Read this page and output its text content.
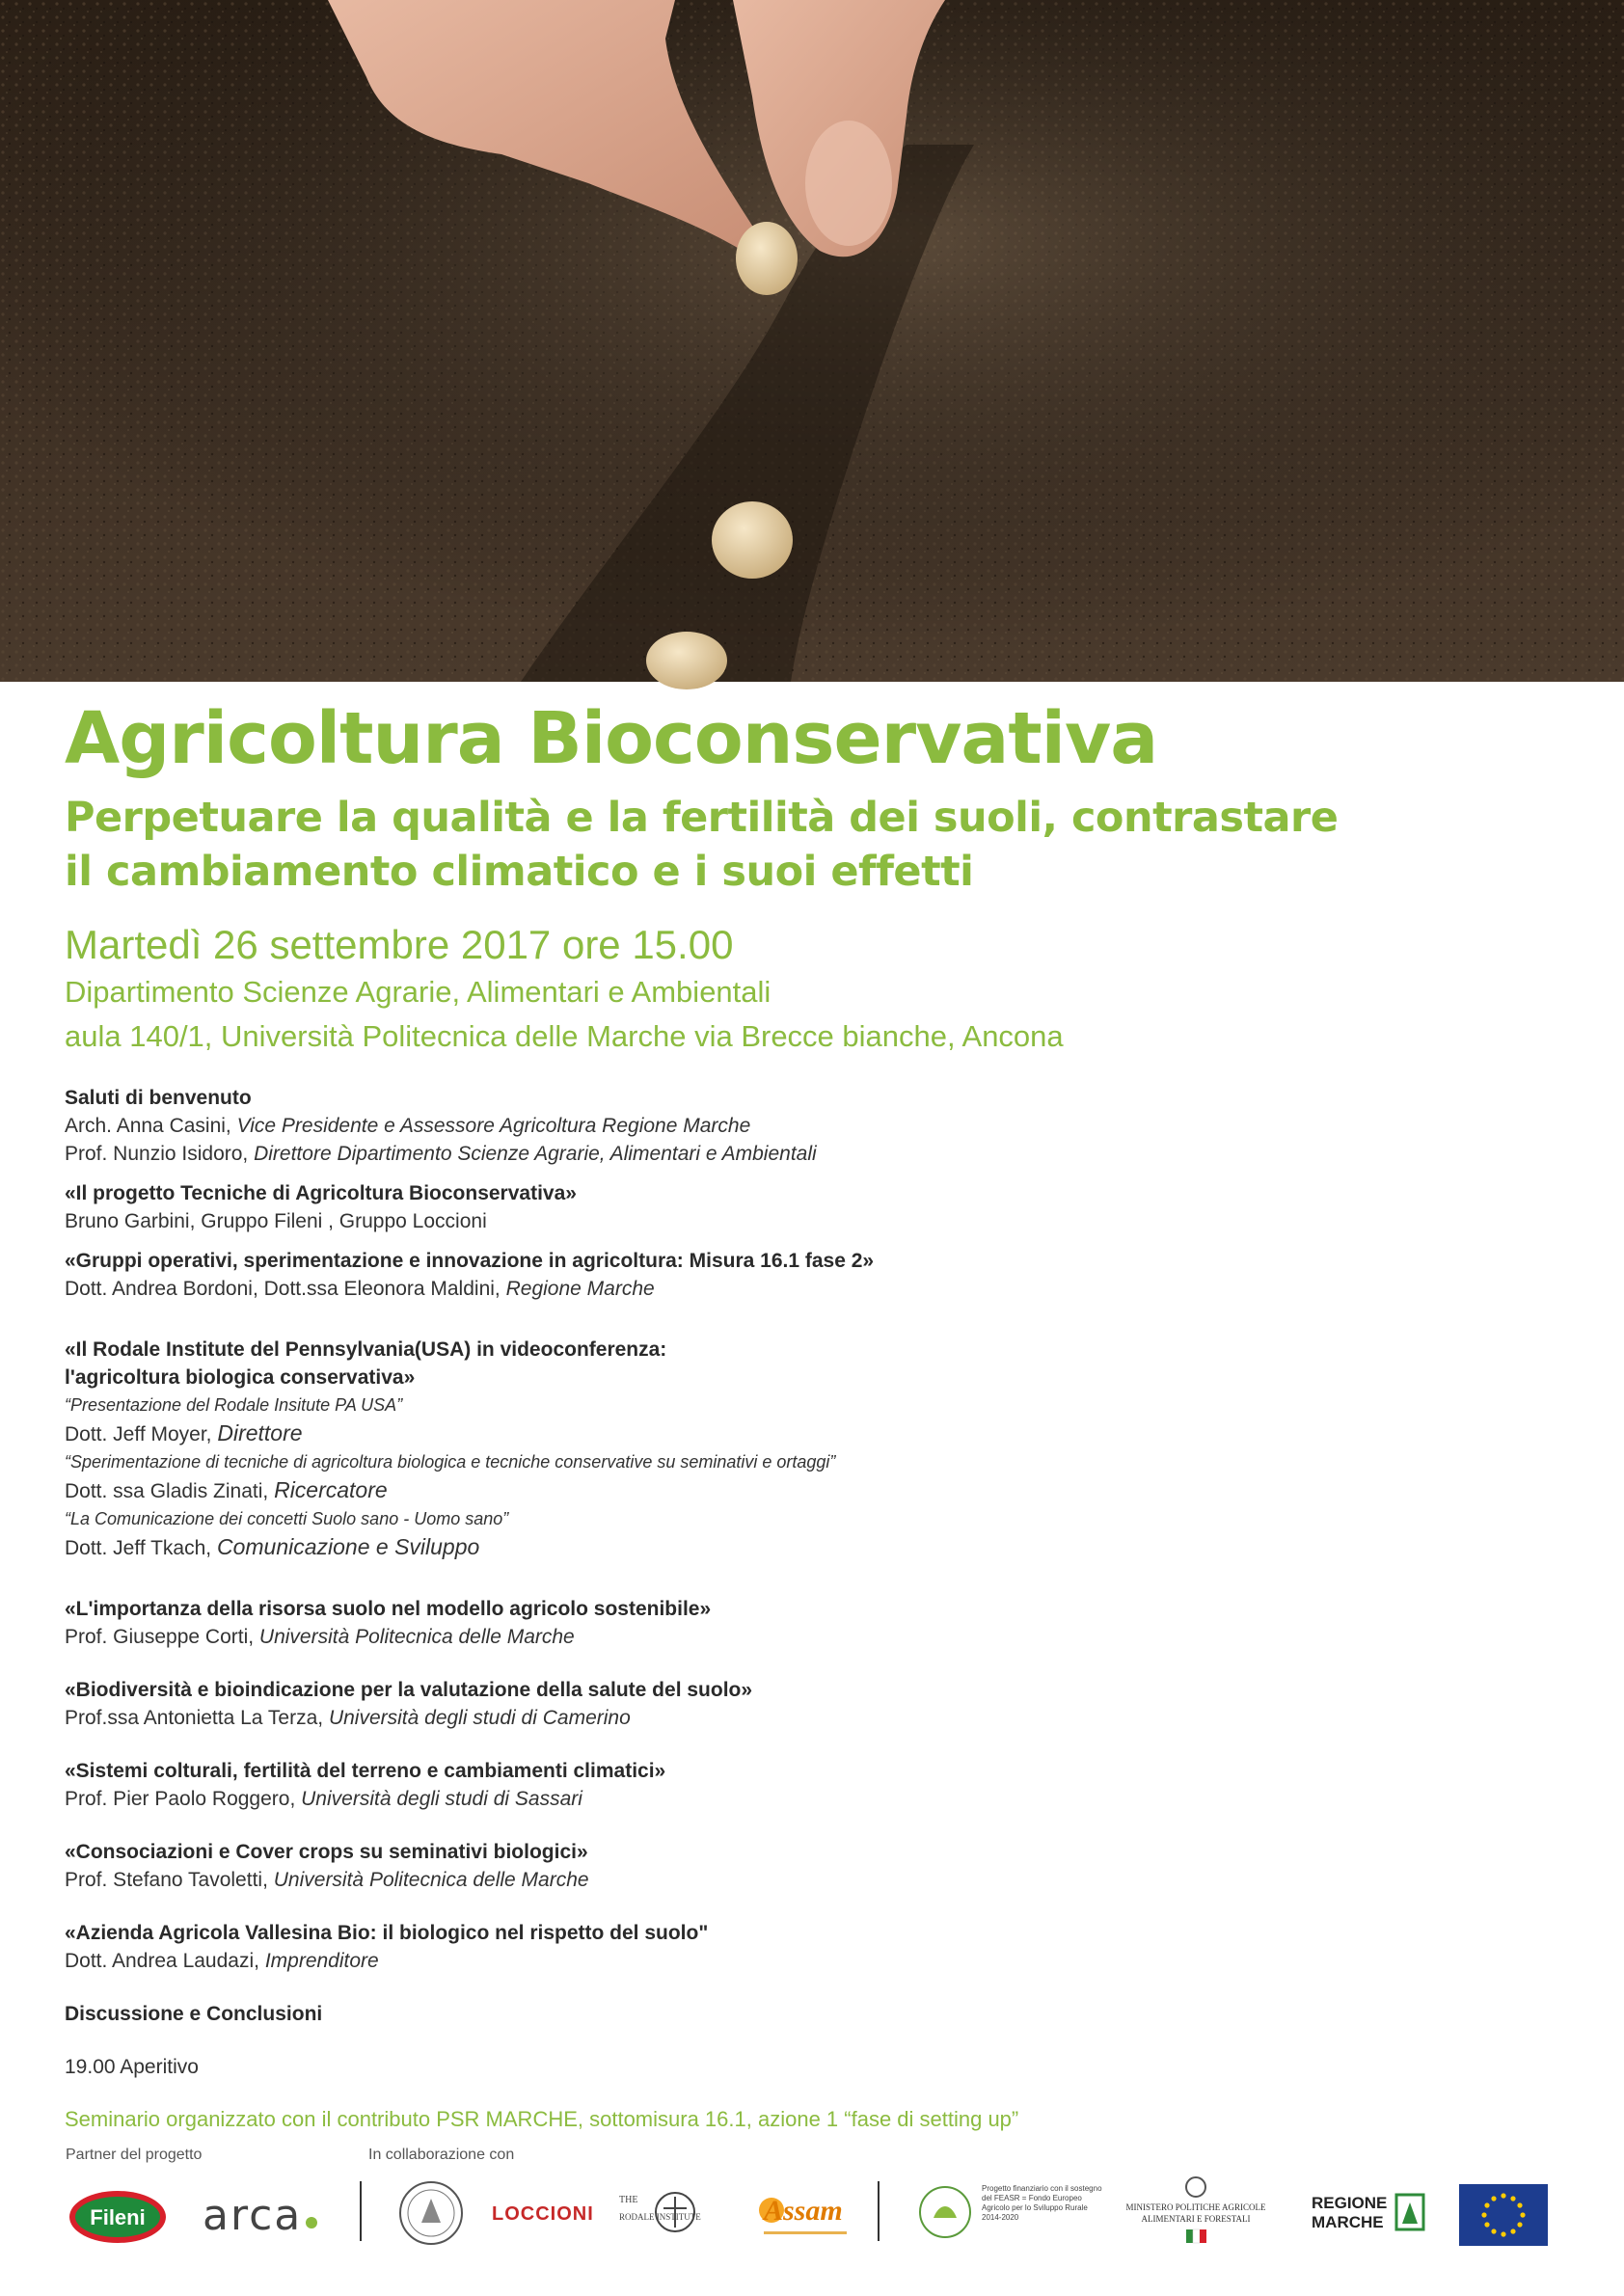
Agricoltura Bioconservativa
Perpetuare la qualità e la fertilità dei suoli, contrastare
il cambiamento climatico e i suoi effetti
Martedì 26 settembre 2017 ore 15.00
Dipartimento Scienze Agrarie, Alimentari e Ambientali
aula 140/1, Università Politecnica delle Marche via Brecce bianche, Ancona
Saluti di benvenuto
Arch. Anna Casini, Vice Presidente e Assessore Agricoltura Regione Marche
Prof. Nunzio Isidoro, Direttore Dipartimento Scienze Agrarie, Alimentari e Ambientali
«Il progetto Tecniche di Agricoltura Bioconservativa»
Bruno Garbini, Gruppo Fileni , Gruppo Loccioni
«Gruppi operativi, sperimentazione e innovazione in agricoltura: Misura 16.1 fase 2»
Dott. Andrea Bordoni, Dott.ssa Eleonora Maldini, Regione Marche
«Il Rodale Institute del Pennsylvania(USA) in videoconferenza:
l'agricoltura biologica conservativa»
“Presentazione del Rodale Insitute PA USA”
Dott. Jeff Moyer, Direttore
“Sperimentazione di tecniche di agricoltura biologica e tecniche conservative su seminativi e ortaggi”
Dott. ssa Gladis Zinati, Ricercatore
“La Comunicazione dei concetti Suolo sano - Uomo sano”
Dott. Jeff Tkach, Comunicazione e Sviluppo
«L'importanza della risorsa suolo nel modello agricolo sostenibile»
Prof. Giuseppe Corti, Università Politecnica delle Marche
«Biodiversità e bioindicazione per la valutazione della salute del suolo»
Prof.ssa Antonietta La Terza, Università degli studi di Camerino
«Sistemi colturali, fertilità del terreno e cambiamenti climatici»
Prof. Pier Paolo Roggero, Università degli studi di Sassari
«Consociazioni e Cover crops su seminativi biologici»
Prof. Stefano Tavoletti, Università Politecnica delle Marche
«Azienda Agricola Vallesina Bio: il biologico nel rispetto del suolo"
Dott. Andrea Laudazi, Imprenditore
Discussione e Conclusioni
19.00 Aperitivo
Seminario organizzato con il contributo PSR MARCHE, sottomisura 16.1, azione 1 “fase di setting up”
Partner del progetto	In collaborazione con
Fileni arca	LOCCIONI
THE
RODALE INSTITUTE Assam
Progetto finanziario con il sostegno
del FEASR = Fondo Europeo
Agricolo per lo Sviluppo Rurale
2014-2020
MINISTERO POLITICHE AGRICOLE
ALIMENTARI E FORESTALI
REGIONE
MARCHE
